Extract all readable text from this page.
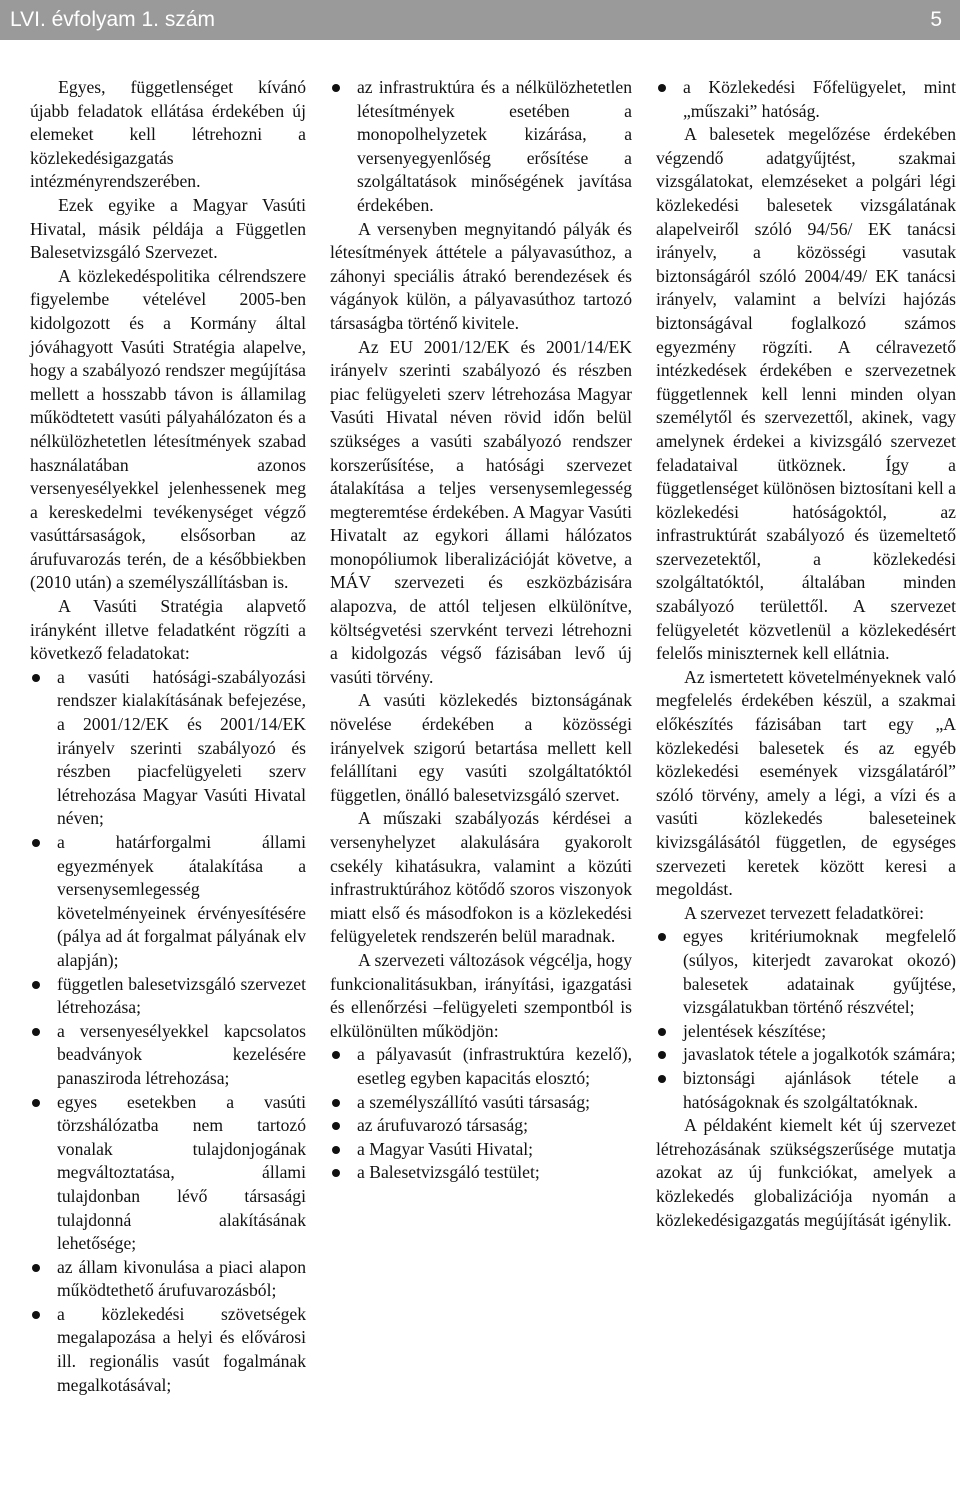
LVI. évfolyam 1. szám	5

Egyes, függetlenséget kívánó újabb feladatok ellátása érdekében új elemeket kell létrehozni a közlekedésigazgatás intézményrendszerében.

Ezek egyike a Magyar Vasúti Hivatal, másik példája a Független Balesetvizsgáló Szervezet.

A közlekedéspolitika célrendszere figyelembe vételével 2005-ben kidolgozott és a Kormány által jóváhagyott Vasúti Stratégia alapelve, hogy a szabályozó rendszer megújítása mellett a hosszabb távon is államilag működtetett vasúti pályahálózaton és a nélkülözhetetlen létesítmények szabad használatában azonos versenyesélyekkel jelenhessenek meg a kereskedelmi tevékenységet végző vasúttársaságok, elsősorban az árufuvarozás terén, de a későbbiekben (2010 után) a személyszállításban is.

A Vasúti Stratégia alapvető irányként illetve feladatként rögzíti a következő feladatokat:

a vasúti hatósági-szabályozási rendszer kialakításának befejezése, a 2001/12/EK és 2001/14/EK irányelv szerinti szabályozó és részben piacfelügyeleti szerv létrehozása Magyar Vasúti Hivatal néven;
a határforgalmi állami egyezmények átalakítása a versenysemlegesség követelményeinek érvényesítésére (pálya ad át forgalmat pályának elv alapján);
független balesetvizsgáló szervezet létrehozása;
a versenyesélyekkel kapcsolatos beadványok kezelésére panasziroda létrehozása;
egyes esetekben a vasúti törzshálózatba nem tartozó vonalak tulajdonjogának megváltoztatása, állami tulajdonban lévő társasági tulajdonná alakításának lehetősége;
az állam kivonulása a piaci alapon működtethető árufuvarozásból;
a közlekedési szövetségek megalapozása a helyi és elővárosi ill. regionális vasút fogalmának megalkotásával;
az infrastruktúra és a nélkülözhetetlen létesítmények esetében a monopolhelyzetek kizárása, a versenyegyenlőség erősítése a szolgáltatások minőségének javítása érdekében.

A versenyben megnyitandó pályák és létesítmények áttétele a pályavasúthoz, a záhonyi speciális átrakó berendezések és vágányok külön, a pályavasúthoz tartozó társaságba történő kivitele.

Az EU 2001/12/EK és 2001/14/EK irányelv szerinti szabályozó és részben piac felügyeleti szerv létrehozása Magyar Vasúti Hivatal néven rövid időn belül szükséges a vasúti szabályozó rendszer korszerűsítése, a hatósági szervezet átalakítása a teljes versenysemlegesség megteremtése érdekében. A Magyar Vasúti Hivatalt az egykori állami hálózatos monopóliumok liberalizációját követve, a MÁV szervezeti és eszközbázisára alapozva, de attól teljesen elkülönítve, költségvetési szervként tervezi létrehozni a kidolgozás végső fázisában levő új vasúti törvény.

A vasúti közlekedés biztonságának növelése érdekében a közösségi irányelvek szigorú betartása mellett kell felállítani egy vasúti szolgáltatóktól független, önálló balesetvizsgáló szervet.

A műszaki szabályozás kérdései a versenyhelyzet alakulására gyakorolt csekély kihatásukra, valamint a közúti infrastruktúrához kötődő szoros viszonyok miatt első és másodfokon is a közlekedési felügyeletek rendszerén belül maradnak.

A szervezeti változások végcélja, hogy funkcionalitásukban, irányítási, igazgatási és ellenőrzési –felügyeleti szempontból is elkülönülten működjön:

a pályavasút (infrastruktúra kezelő), esetleg egyben kapacitás elosztó;
a személyszállító vasúti társaság;
az árufuvarozó társaság;
a Magyar Vasúti Hivatal;
a Balesetvizsgáló testület;
a Közlekedési Főfelügyelet, mint „műszaki” hatóság.

A balesetek megelőzése érdekében végzendő adatgyűjtést, szakmai vizsgálatokat, elemzéseket a polgári légi közlekedési balesetek vizsgálatának alapelveiről szóló 94/56/ EK tanácsi irányelv, a közösségi vasutak biztonságáról szóló 2004/49/ EK tanácsi irányelv, valamint a belvízi hajózás biztonságával foglalkozó számos egyezmény rögzíti. A célravezető intézkedések érdekében e szervezetnek függetlennek kell lenni minden olyan személytől és szervezettől, akinek, vagy amelynek érdekei a kivizsgáló szervezet feladataival ütköznek. Így a függetlenséget különösen biztosítani kell a közlekedési hatóságoktól, az infrastruktúrát szabályozó és üzemeltető szervezetektől, a közlekedési szolgáltatóktól, általában minden szabályozó területtől. A szervezet felügyeletét közvetlenül a közlekedésért felelős miniszternek kell ellátnia.

Az ismertetett követelményeknek való megfelelés érdekében készül, a szakmai előkészítés fázisában tart egy „A közlekedési balesetek és az egyéb közlekedési események vizsgálatáról” szóló törvény, amely a légi, a vízi és a vasúti közlekedés baleseteinek kivizsgálásától független, de egységes szervezeti keretek között keresi a megoldást.

A szervezet tervezett feladatkörei:

egyes kritériumoknak megfelelő (súlyos, kiterjedt zavarokat okozó) balesetek adatainak gyűjtése, vizsgálatukban történő részvétel;
jelentések készítése;
javaslatok tétele a jogalkotók számára;
biztonsági ajánlások tétele a hatóságoknak és szolgáltatóknak.

A példaként kiemelt két új szervezet létrehozásának szükségszerűsége mutatja azokat az új funkciókat, amelyek a közlekedés globalizációja nyomán a közlekedésigazgatás megújítását igénylik.
